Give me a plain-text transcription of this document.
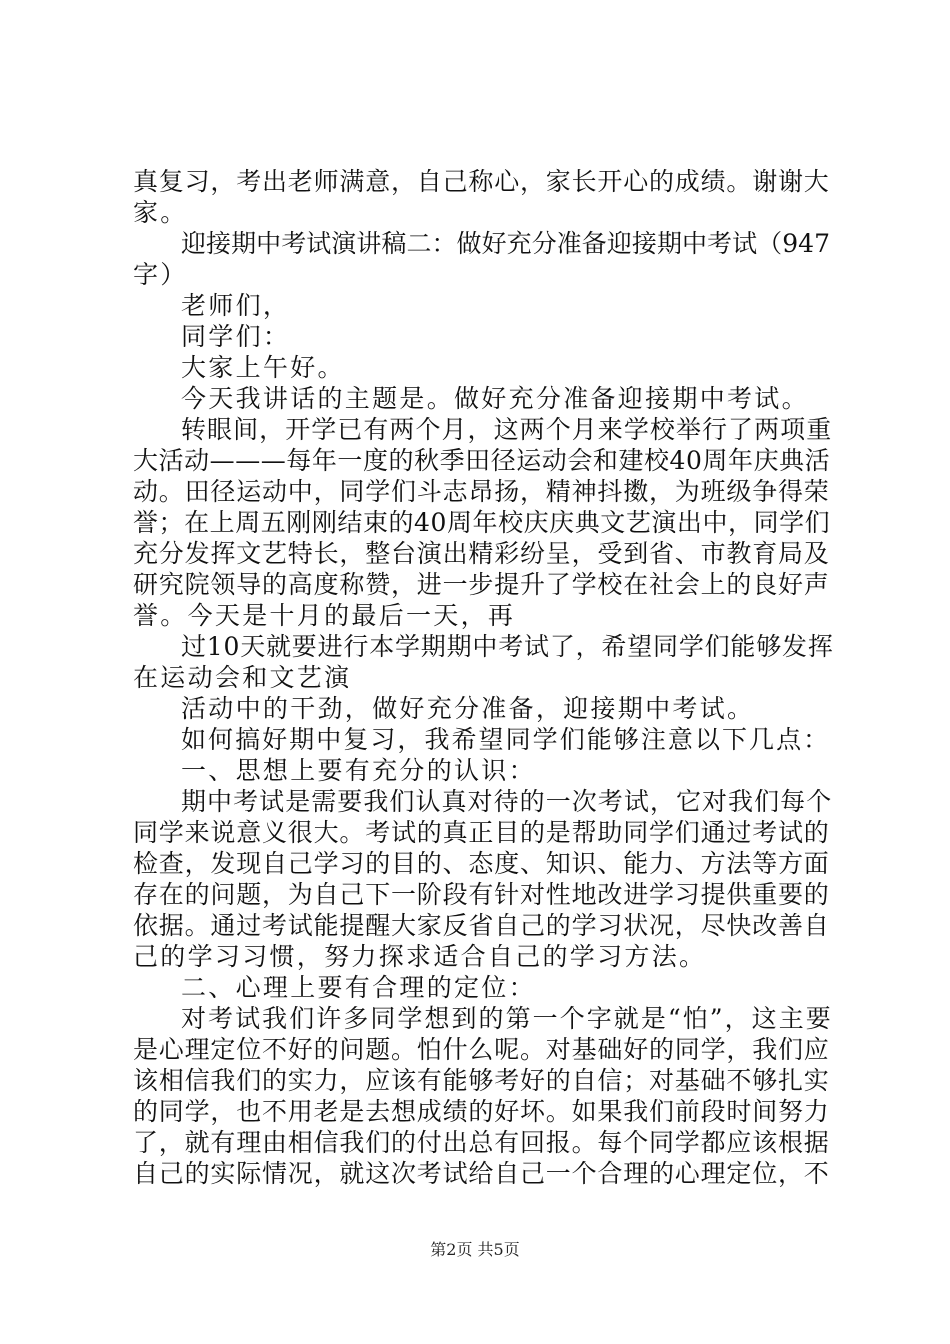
真复习，考出老师满意，自己称心，家长开心的成绩。谢谢大
家。
迎接期中考试演讲稿二：做好充分准备迎接期中考试（947
字）
老师们，
同学们：
大家上午好。
今天我讲话的主题是。做好充分准备迎接期中考试。
转眼间，开学已有两个月，这两个月来学校举行了两项重
大活动———每年一度的秋季田径运动会和建校40周年庆典活
动。田径运动中，同学们斗志昂扬，精神抖擞，为班级争得荣
誉；在上周五刚刚结束的40周年校庆庆典文艺演出中，同学们
充分发挥文艺特长，整台演出精彩纷呈，受到省、市教育局及
研究院领导的高度称赞，进一步提升了学校在社会上的良好声
誉。今天是十月的最后一天，再
过10天就要进行本学期期中考试了，希望同学们能够发挥
在运动会和文艺演
活动中的干劲，做好充分准备，迎接期中考试。
如何搞好期中复习，我希望同学们能够注意以下几点：
一、思想上要有充分的认识：
期中考试是需要我们认真对待的一次考试，它对我们每个
同学来说意义很大。考试的真正目的是帮助同学们通过考试的
检查，发现自己学习的目的、态度、知识、能力、方法等方面
存在的问题，为自己下一阶段有针对性地改进学习提供重要的
依据。通过考试能提醒大家反省自己的学习状况，尽快改善自
己的学习习惯，努力探求适合自己的学习方法。
二、心理上要有合理的定位：
对考试我们许多同学想到的第一个字就是“怕”，这主要
是心理定位不好的问题。怕什么呢。对基础好的同学，我们应
该相信我们的实力，应该有能够考好的自信；对基础不够扎实
的同学，也不用老是去想成绩的好坏。如果我们前段时间努力
了，就有理由相信我们的付出总有回报。每个同学都应该根据
自己的实际情况，就这次考试给自己一个合理的心理定位，不
第2页 共5页
